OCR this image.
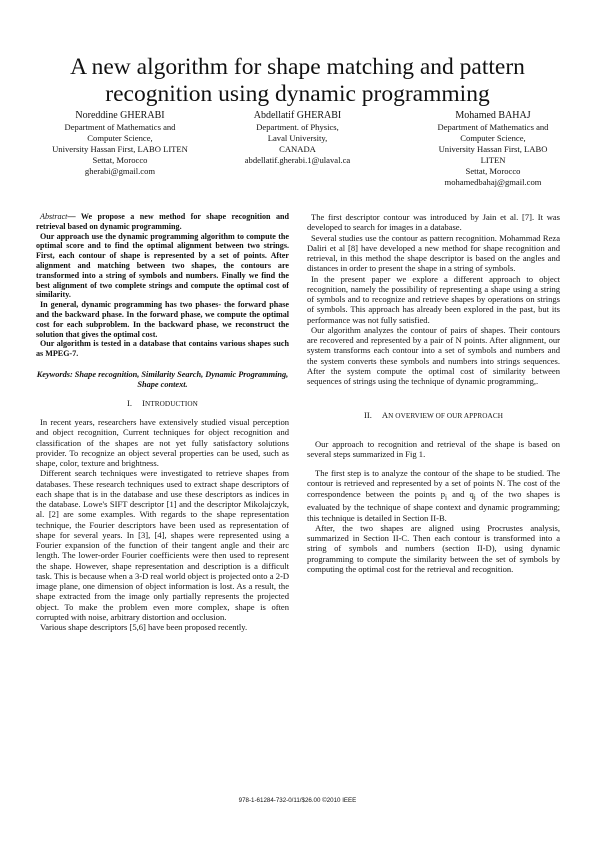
A new algorithm for shape matching and pattern recognition using dynamic programming
Noreddine GHERABI
Department of Mathematics and
Computer Science,
University Hassan First, LABO LITEN
Settat, Morocco
gherabi@gmail.com
Abdellatif GHERABI
Department. of Physics,
Laval University,
CANADA
abdellatif.gherabi.1@ulaval.ca
Mohamed BAHAJ
Department of Mathematics and
Computer Science,
University Hassan First, LABO
LITEN
Settat, Morocco
mohamedbahaj@gmail.com

Abstract— We propose a new method for shape recognition and retrieval based on dynamic programming.

Our approach use the dynamic programming algorithm to compute the optimal score and to find the optimal alignment between two strings. First, each contour of shape is represented by a set of points. After alignment and matching between two shapes, the contours are transformed into a string of symbols and numbers. Finally we find the best alignment of two complete strings and compute the optimal cost of similarity.

In general, dynamic programming has two phases- the forward phase and the backward phase. In the forward phase, we compute the optimal cost for each subproblem. In the backward phase, we reconstruct the solution that gives the optimal cost.

Our algorithm is tested in a database that contains various shapes such as MPEG-7.

Keywords: Shape recognition, Similarity Search, Dynamic Programming, Shape context.
I. INTRODUCTION

In recent years, researchers have extensively studied visual perception and object recognition, Current techniques for object recognition and classification of the shapes are not yet fully satisfactory solutions provider. To recognize an object several properties can be used, such as shape, color, texture and brightness.

Different search techniques were investigated to retrieve shapes from databases. These research techniques used to extract shape descriptors of each shape that is in the database and use these descriptors as indices in the database. Lowe's SIFT descriptor [1] and the descriptor Mikolajczyk, al. [2] are some examples. With regards to the shape representation technique, the Fourier descriptors have been used as representation of shape for several years. In [3], [4], shapes were represented using a Fourier expansion of the function of their tangent angle and their arc length. The lower-order Fourier coefficients were then used to represent the shape. However, shape representation and description is a difficult task. This is because when a 3-D real world object is projected onto a 2-D image plane, one dimension of object information is lost. As a result, the shape extracted from the image only partially represents the projected object. To make the problem even more complex, shape is often corrupted with noise, arbitrary distortion and occlusion.

Various shape descriptors [5,6] have been proposed recently.

The first descriptor contour was introduced by Jain et al. [7]. It was developed to search for images in a database.

Several studies use the contour as pattern recognition. Mohammad Reza Daliri et al [8] have developed a new method for shape recognition and retrieval, in this method the shape descriptor is based on the angles and distances in order to present the shape in a string of symbols.

In the present paper we explore a different approach to object recognition, namely the possibility of representing a shape using a string of symbols and to recognize and retrieve shapes by operations on strings of symbols. This approach has already been explored in the past, but its performance was not fully satisfied.

Our algorithm analyzes the contour of pairs of shapes. Their contours are recovered and represented by a pair of N points. After alignment, our system transforms each contour into a set of symbols and numbers and the system converts these symbols and numbers into strings sequences. After the system compute the optimal cost of similarity between sequences of strings using the technique of dynamic programming,.

II. AN OVERVIEW OF OUR APPROACH

Our approach to recognition and retrieval of the shape is based on several steps summarized in Fig 1.

The first step is to analyze the contour of the shape to be studied. The contour is retrieved and represented by a set of points N. The cost of the correspondence between the points $p_i$ and $q_j$ of the two shapes is evaluated by the technique of shape context and dynamic programming; this technique is detailed in Section II-B.

After, the two shapes are aligned using Procrustes analysis, summarized in Section II-C. Then each contour is transformed into a string of symbols and numbers (section II-D), using dynamic programming to compute the similarity between the set of symbols by computing the optimal cost for the retrieval and recognition.

978-1-61284-732-0/11/$26.00 ©2010 IEEE
